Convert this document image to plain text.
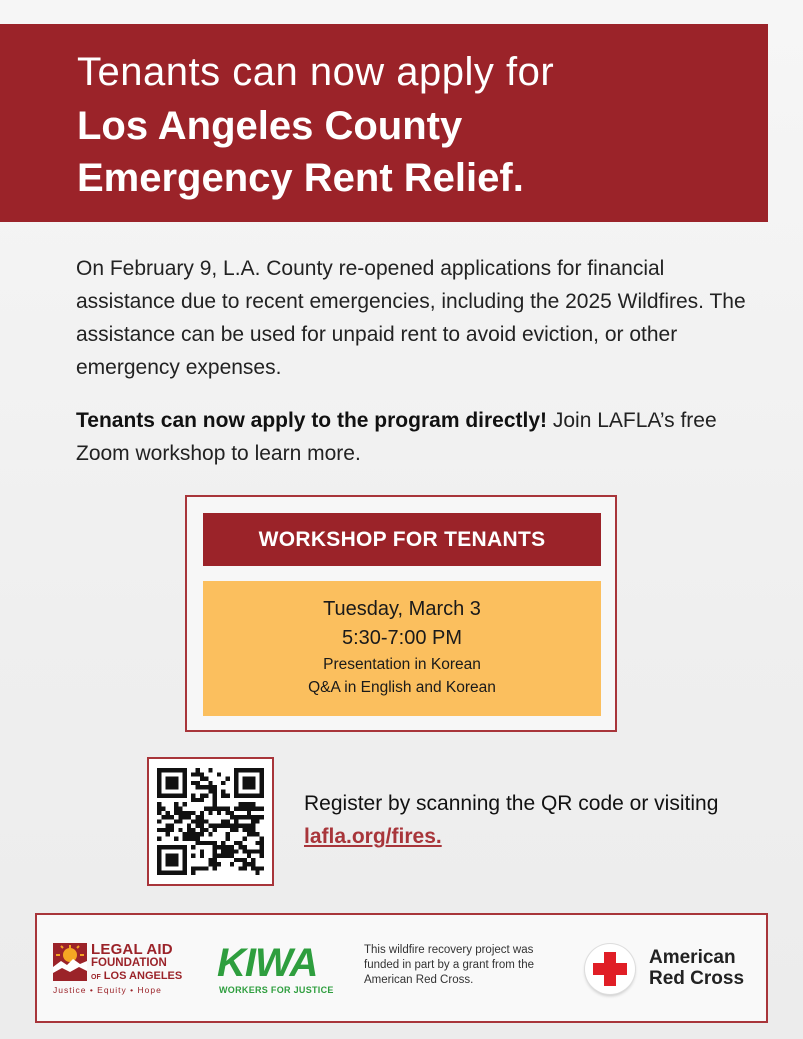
Tenants can now apply for
Los Angeles County
Emergency Rent Relief.
On February 9, L.A. County re-opened applications for financial assistance due to recent emergencies, including the 2025 Wildfires. The assistance can be used for unpaid rent to avoid eviction, or other emergency expenses.
Tenants can now apply to the program directly! Join LAFLA’s free Zoom workshop to learn more.
WORKSHOP FOR TENANTS
Tuesday, March 3
5:30-7:00 PM
Presentation in Korean
Q&A in English and Korean
Register by scanning the QR code or visiting lafla.org/fires.
LEGAL AID
FOUNDATION
OF LOS ANGELES
Justice • Equity • Hope
KIWA
WORKERS FOR JUSTICE
This wildfire recovery project was funded in part by a grant from the American Red Cross.
American
Red Cross
